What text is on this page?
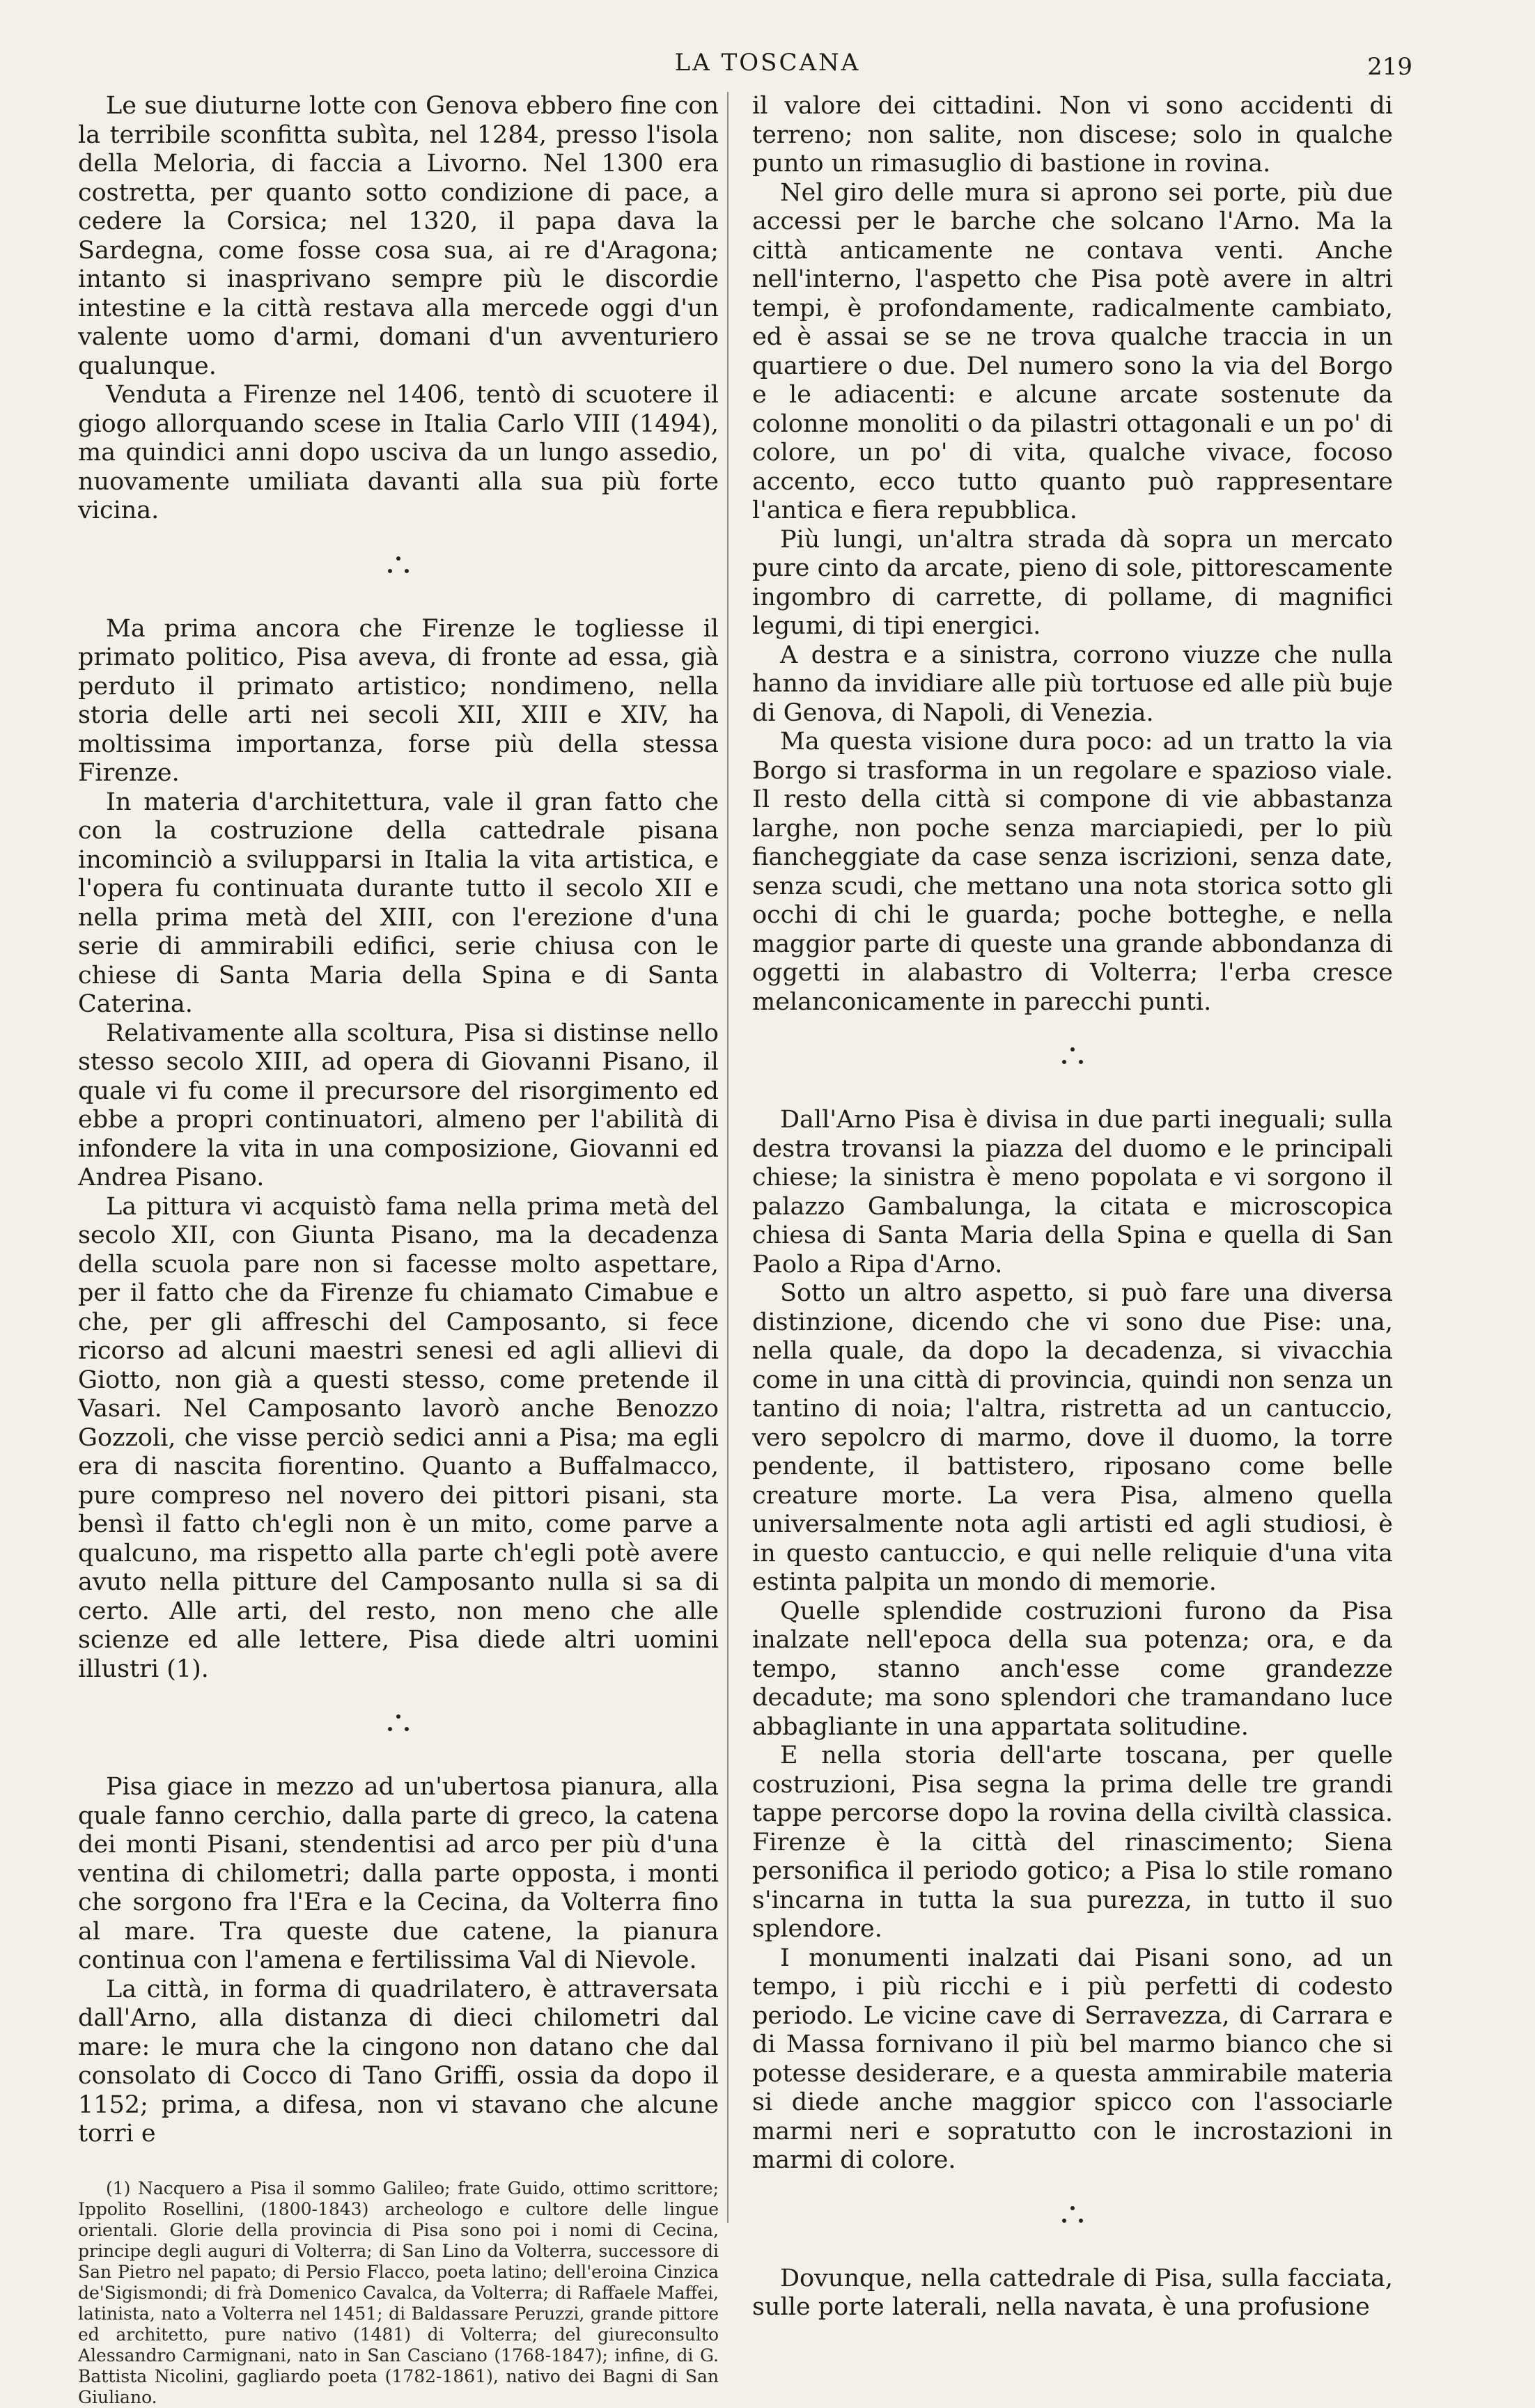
LA TOSCANA	219

Le sue diuturne lotte con Genova ebbero fine con la terribile sconfitta subìta, nel 1284, presso l'isola della Meloria, di faccia a Livorno. Nel 1300 era costretta, per quanto sotto condizione di pace, a cedere la Corsica; nel 1320, il papa dava la Sardegna, come fosse cosa sua, ai re d'Aragona; intanto si inasprivano sempre più le discordie intestine e la città restava alla mercede oggi d'un valente uomo d'armi, domani d'un avventuriero qualunque.

Venduta a Firenze nel 1406, tentò di scuotere il giogo allorquando scese in Italia Carlo VIII (1494), ma quindici anni dopo usciva da un lungo assedio, nuovamente umiliata davanti alla sua più forte vicina.

Ma prima ancora che Firenze le togliesse il primato politico, Pisa aveva, di fronte ad essa, già perduto il primato artistico; nondimeno, nella storia delle arti nei secoli XII, XIII e XIV, ha moltissima importanza, forse più della stessa Firenze.

In materia d'architettura, vale il gran fatto che con la costruzione della cattedrale pisana incominciò a svilupparsi in Italia la vita artistica, e l'opera fu continuata durante tutto il secolo XII e nella prima metà del XIII, con l'erezione d'una serie di ammirabili edifici, serie chiusa con le chiese di Santa Maria della Spina e di Santa Caterina.

Relativamente alla scoltura, Pisa si distinse nello stesso secolo XIII, ad opera di Giovanni Pisano, il quale vi fu come il precursore del risorgimento ed ebbe a propri continuatori, almeno per l'abilità di infondere la vita in una composizione, Giovanni ed Andrea Pisano.

La pittura vi acquistò fama nella prima metà del secolo XII, con Giunta Pisano, ma la decadenza della scuola pare non si facesse molto aspettare, per il fatto che da Firenze fu chiamato Cimabue e che, per gli affreschi del Camposanto, si fece ricorso ad alcuni maestri senesi ed agli allievi di Giotto, non già a questi stesso, come pretende il Vasari. Nel Camposanto lavorò anche Benozzo Gozzoli, che visse perciò sedici anni a Pisa; ma egli era di nascita fiorentino. Quanto a Buffalmacco, pure compreso nel novero dei pittori pisani, sta bensì il fatto ch'egli non è un mito, come parve a qualcuno, ma rispetto alla parte ch'egli potè avere avuto nella pitture del Camposanto nulla si sa di certo. Alle arti, del resto, non meno che alle scienze ed alle lettere, Pisa diede altri uomini illustri (1).

Pisa giace in mezzo ad un'ubertosa pianura, alla quale fanno cerchio, dalla parte di greco, la catena dei monti Pisani, stendentisi ad arco per più d'una ventina di chilometri; dalla parte opposta, i monti che sorgono fra l'Era e la Cecina, da Volterra fino al mare. Tra queste due catene, la pianura continua con l'amena e fertilissima Val di Nievole.

La città, in forma di quadrilatero, è attraversata dall'Arno, alla distanza di dieci chilometri dal mare: le mura che la cingono non datano che dal consolato di Cocco di Tano Griffi, ossia da dopo il 1152; prima, a difesa, non vi stavano che alcune torri e

(1) Nacquero a Pisa il sommo Galileo; frate Guido, ottimo scrittore; Ippolito Rosellini, (1800-1843) archeologo e cultore delle lingue orientali. Glorie della provincia di Pisa sono poi i nomi di Cecina, principe degli auguri di Volterra; di San Lino da Volterra, successore di San Pietro nel papato; di Persio Flacco, poeta latino; dell'eroina Cinzica de'Sigismondi; di frà Domenico Cavalca, da Volterra; di Raffaele Maffei, latinista, nato a Volterra nel 1451; di Baldassare Peruzzi, grande pittore ed architetto, pure nativo (1481) di Volterra; del giureconsulto Alessandro Carmignani, nato in San Casciano (1768-1847); infine, di G. Battista Nicolini, gagliardo poeta (1782-1861), nativo dei Bagni di San Giuliano.

il valore dei cittadini. Non vi sono accidenti di terreno; non salite, non discese; solo in qualche punto un rimasuglio di bastione in rovina.

Nel giro delle mura si aprono sei porte, più due accessi per le barche che solcano l'Arno. Ma la città anticamente ne contava venti. Anche nell'interno, l'aspetto che Pisa potè avere in altri tempi, è profondamente, radicalmente cambiato, ed è assai se se ne trova qualche traccia in un quartiere o due. Del numero sono la via del Borgo e le adiacenti: e alcune arcate sostenute da colonne monoliti o da pilastri ottagonali e un po' di colore, un po' di vita, qualche vivace, focoso accento, ecco tutto quanto può rappresentare l'antica e fiera repubblica.

Più lungi, un'altra strada dà sopra un mercato pure cinto da arcate, pieno di sole, pittorescamente ingombro di carrette, di pollame, di magnifici legumi, di tipi energici.

A destra e a sinistra, corrono viuzze che nulla hanno da invidiare alle più tortuose ed alle più buje di Genova, di Napoli, di Venezia.

Ma questa visione dura poco: ad un tratto la via Borgo si trasforma in un regolare e spazioso viale. Il resto della città si compone di vie abbastanza larghe, non poche senza marciapiedi, per lo più fiancheggiate da case senza iscrizioni, senza date, senza scudi, che mettano una nota storica sotto gli occhi di chi le guarda; poche botteghe, e nella maggior parte di queste una grande abbondanza di oggetti in alabastro di Volterra; l'erba cresce melanconicamente in parecchi punti.

Dall'Arno Pisa è divisa in due parti ineguali; sulla destra trovansi la piazza del duomo e le principali chiese; la sinistra è meno popolata e vi sorgono il palazzo Gambalunga, la citata e microscopica chiesa di Santa Maria della Spina e quella di San Paolo a Ripa d'Arno.

Sotto un altro aspetto, si può fare una diversa distinzione, dicendo che vi sono due Pise: una, nella quale, da dopo la decadenza, si vivacchia come in una città di provincia, quindi non senza un tantino di noia; l'altra, ristretta ad un cantuccio, vero sepolcro di marmo, dove il duomo, la torre pendente, il battistero, riposano come belle creature morte. La vera Pisa, almeno quella universalmente nota agli artisti ed agli studiosi, è in questo cantuccio, e qui nelle reliquie d'una vita estinta palpita un mondo di memorie.

Quelle splendide costruzioni furono da Pisa inalzate nell'epoca della sua potenza; ora, e da tempo, stanno anch'esse come grandezze decadute; ma sono splendori che tramandano luce abbagliante in una appartata solitudine.

E nella storia dell'arte toscana, per quelle costruzioni, Pisa segna la prima delle tre grandi tappe percorse dopo la rovina della civiltà classica. Firenze è la città del rinascimento; Siena personifica il periodo gotico; a Pisa lo stile romano s'incarna in tutta la sua purezza, in tutto il suo splendore.

I monumenti inalzati dai Pisani sono, ad un tempo, i più ricchi e i più perfetti di codesto periodo. Le vicine cave di Serravezza, di Carrara e di Massa fornivano il più bel marmo bianco che si potesse desiderare, e a questa ammirabile materia si diede anche maggior spicco con l'associarle marmi neri e sopratutto con le incrostazioni in marmi di colore.

Dovunque, nella cattedrale di Pisa, sulla facciata, sulle porte laterali, nella navata, è una profusione
